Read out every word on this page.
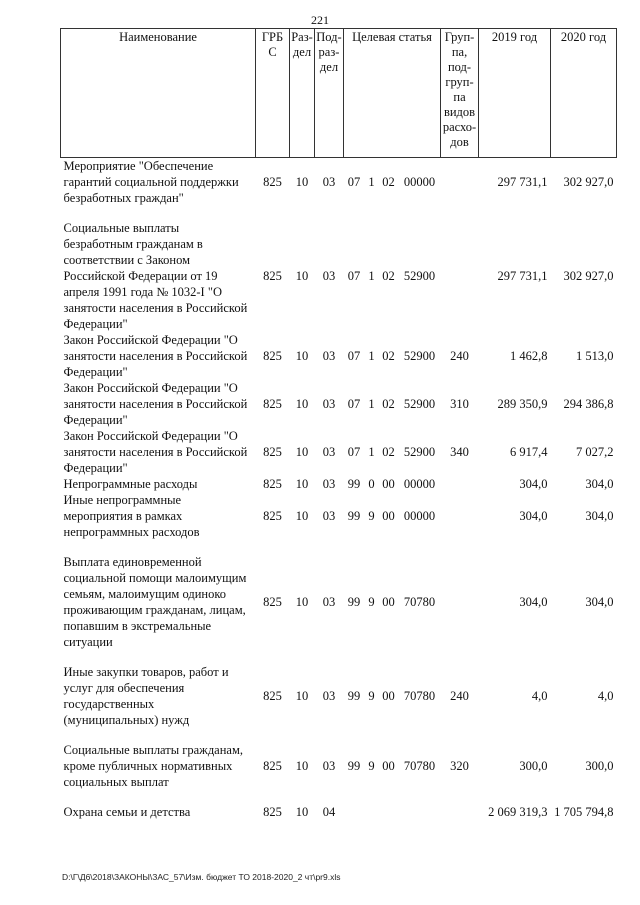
221
Наименование	ГРБ С	Раз-дел	Под-раз-дел	Целевая статья				Груп-па, под-груп-па видов расхо-дов	2019 год	2020 год
Мероприятие "Обеспечение гарантий социальной поддержки безработных граждан"	825	10	03	07	1	02	00000		297 731,1	302 927,0

Социальные выплаты безработным гражданам в соответствии с Законом Российской Федерации от 19 апреля 1991 года № 1032-I "О занятости населения в Российской Федерации"	825	10	03	07	1	02	52900		297 731,1	302 927,0
Закон Российской Федерации "О занятости населения в Российской Федерации"	825	10	03	07	1	02	52900	240	1 462,8	1 513,0
Закон Российской Федерации "О занятости населения в Российской Федерации"	825	10	03	07	1	02	52900	310	289 350,9	294 386,8
Закон Российской Федерации "О занятости населения в Российской Федерации"	825	10	03	07	1	02	52900	340	6 917,4	7 027,2
Непрограммные расходы	825	10	03	99	0	00	00000		304,0	304,0
Иные непрограммные мероприятия в рамках непрограммных расходов	825	10	03	99	9	00	00000		304,0	304,0

Выплата единовременной социальной помощи малоимущим семьям, малоимущим одиноко проживающим гражданам, лицам, попавшим в экстремальные ситуации	825	10	03	99	9	00	70780		304,0	304,0

Иные закупки товаров, работ и услуг для обеспечения государственных (муниципальных) нужд	825	10	03	99	9	00	70780	240	4,0	4,0

Социальные выплаты гражданам, кроме публичных нормативных социальных выплат	825	10	03	99	9	00	70780	320	300,0	300,0

Охрана семьи и детства	825	10	04						2 069 319,3	1 705 794,8
D:\Г\Д6\2018\ЗАКОНЫ\ЗАС_57\Изм. бюджет ТО 2018-2020_2 чт\pr9.xls
